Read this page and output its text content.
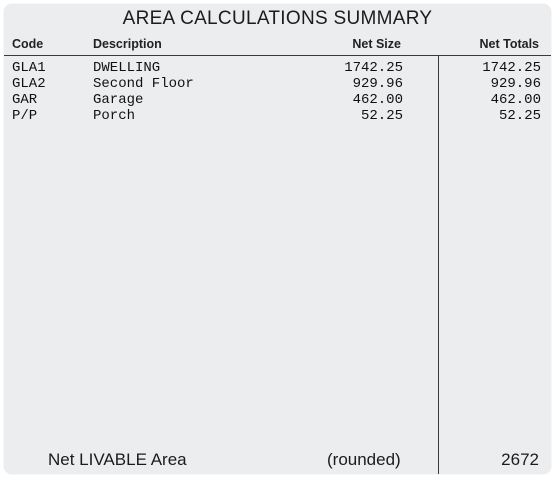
AREA CALCULATIONS SUMMARY
Code	Description	Net Size	Net Totals
GLA1	DWELLING	1742.25	1742.25
GLA2	Second Floor	929.96	929.96
GAR	Garage	462.00	462.00
P/P	Porch	52.25	52.25
Net LIVABLE Area	(rounded)	2672
